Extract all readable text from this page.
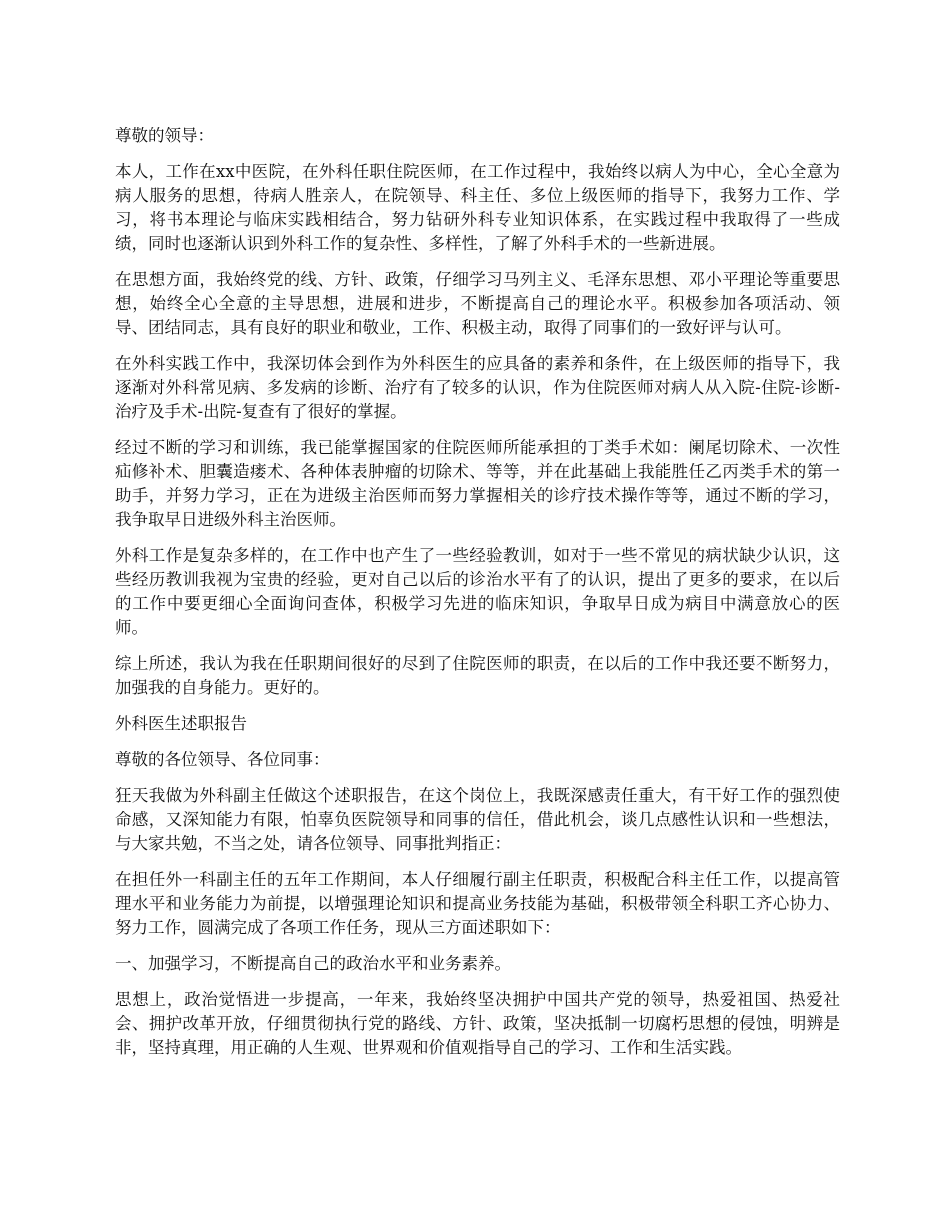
尊敬的领导：

本人，工作在xx中医院，在外科任职住院医师，在工作过程中，我始终以病人为中心，全心全意为病人服务的思想，待病人胜亲人，在院领导、科主任、多位上级医师的指导下，我努力工作、学习，将书本理论与临床实践相结合，努力钻研外科专业知识体系，在实践过程中我取得了一些成绩，同时也逐渐认识到外科工作的复杂性、多样性，了解了外科手术的一些新进展。

在思想方面，我始终党的线、方针、政策，仔细学习马列主义、毛泽东思想、邓小平理论等重要思想，始终全心全意的主导思想，进展和进步，不断提高自己的理论水平。积极参加各项活动、领导、团结同志，具有良好的职业和敬业，工作、积极主动，取得了同事们的一致好评与认可。

在外科实践工作中，我深切体会到作为外科医生的应具备的素养和条件，在上级医师的指导下，我逐渐对外科常见病、多发病的诊断、治疗有了较多的认识，作为住院医师对病人从入院-住院-诊断-治疗及手术-出院-复查有了很好的掌握。

经过不断的学习和训练，我已能掌握国家的住院医师所能承担的丁类手术如：阑尾切除术、一次性疝修补术、胆囊造瘘术、各种体表肿瘤的切除术、等等，并在此基础上我能胜任乙丙类手术的第一助手，并努力学习，正在为进级主治医师而努力掌握相关的诊疗技术操作等等，通过不断的学习，我争取早日进级外科主治医师。

外科工作是复杂多样的，在工作中也产生了一些经验教训，如对于一些不常见的病状缺少认识，这些经历教训我视为宝贵的经验，更对自己以后的诊治水平有了的认识，提出了更多的要求，在以后的工作中要更细心全面询问查体，积极学习先进的临床知识，争取早日成为病目中满意放心的医师。

综上所述，我认为我在任职期间很好的尽到了住院医师的职责，在以后的工作中我还要不断努力，加强我的自身能力。更好的。

外科医生述职报告

尊敬的各位领导、各位同事：

狂天我做为外科副主任做这个述职报告，在这个岗位上，我既深感责任重大，有干好工作的强烈使命感，又深知能力有限，怕辜负医院领导和同事的信任，借此机会，谈几点感性认识和一些想法，与大家共勉，不当之处，请各位领导、同事批判指正：

在担任外一科副主任的五年工作期间，本人仔细履行副主任职责，积极配合科主任工作，以提高管理水平和业务能力为前提，以增强理论知识和提高业务技能为基础，积极带领全科职工齐心协力、努力工作，圆满完成了各项工作任务，现从三方面述职如下：

一、加强学习，不断提高自己的政治水平和业务素养。

思想上，政治觉悟进一步提高，一年来，我始终坚决拥护中国共产党的领导，热爱祖国、热爱社会、拥护改革开放，仔细贯彻执行党的路线、方针、政策，坚决抵制一切腐朽思想的侵蚀，明辨是非，坚持真理，用正确的人生观、世界观和价值观指导自己的学习、工作和生活实践。
